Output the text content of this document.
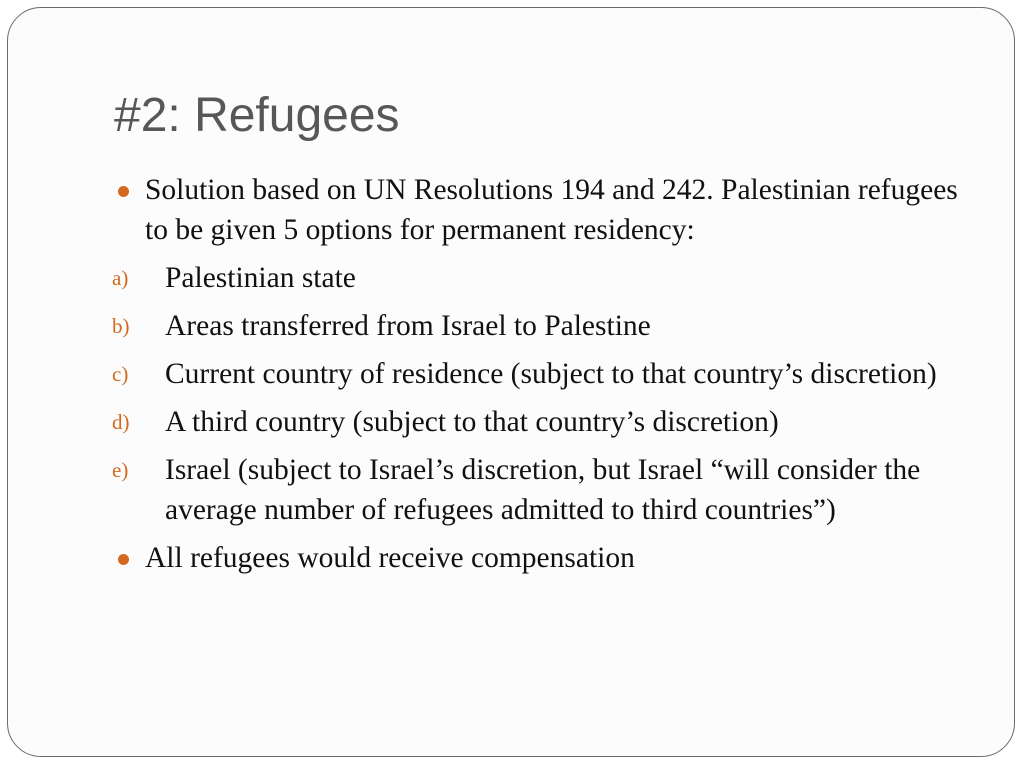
#2: Refugees
Solution based on UN Resolutions 194 and 242. Palestinian refugees to be given 5 options for permanent residency:
a) Palestinian state
b) Areas transferred from Israel to Palestine
c) Current country of residence (subject to that country’s discretion)
d) A third country (subject to that country’s discretion)
e) Israel (subject to Israel’s discretion, but Israel “will consider the average number of refugees admitted to third countries”)
All refugees would receive compensation
